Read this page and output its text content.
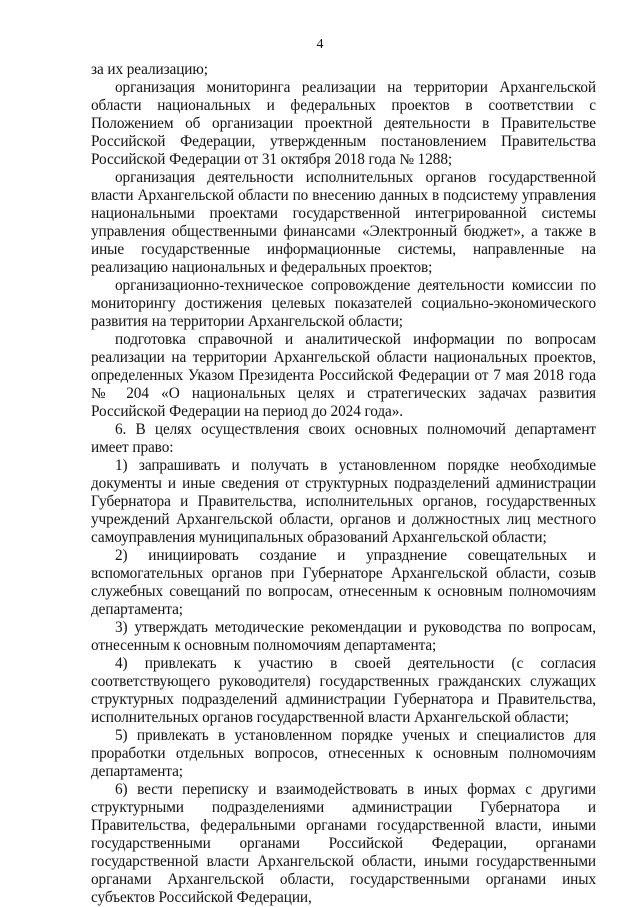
4

за их реализацию;

организация мониторинга реализации на территории Архангельской области национальных и федеральных проектов в соответствии с Положением об организации проектной деятельности в Правительстве Российской Федерации, утвержденным постановлением Правительства Российской Федерации от 31 октября 2018 года № 1288;

организация деятельности исполнительных органов государственной власти Архангельской области по внесению данных в подсистему управления национальными проектами государственной интегрированной системы управления общественными финансами «Электронный бюджет», а также в иные государственные информационные системы, направленные на реализацию национальных и федеральных проектов;

организационно-техническое сопровождение деятельности комиссии по мониторингу достижения целевых показателей социально-экономического развития на территории Архангельской области;

подготовка справочной и аналитической информации по вопросам реализации на территории Архангельской области национальных проектов, определенных Указом Президента Российской Федерации от 7 мая 2018 года № 204 «О национальных целях и стратегических задачах развития Российской Федерации на период до 2024 года».

6. В целях осуществления своих основных полномочий департамент имеет право:

1) запрашивать и получать в установленном порядке необходимые документы и иные сведения от структурных подразделений администрации Губернатора и Правительства, исполнительных органов, государственных учреждений Архангельской области, органов и должностных лиц местного самоуправления муниципальных образований Архангельской области;

2) инициировать создание и упразднение совещательных и вспомогательных органов при Губернаторе Архангельской области, созыв служебных совещаний по вопросам, отнесенным к основным полномочиям департамента;

3) утверждать методические рекомендации и руководства по вопросам, отнесенным к основным полномочиям департамента;

4) привлекать к участию в своей деятельности (с согласия соответствующего руководителя) государственных гражданских служащих структурных подразделений администрации Губернатора и Правительства, исполнительных органов государственной власти Архангельской области;

5) привлекать в установленном порядке ученых и специалистов для проработки отдельных вопросов, отнесенных к основным полномочиям департамента;

6) вести переписку и взаимодействовать в иных формах с другими структурными подразделениями администрации Губернатора и Правительства, федеральными органами государственной власти, иными государственными органами Российской Федерации, органами государственной власти Архангельской области, иными государственными органами Архангельской области, государственными органами иных субъектов Российской Федерации,
